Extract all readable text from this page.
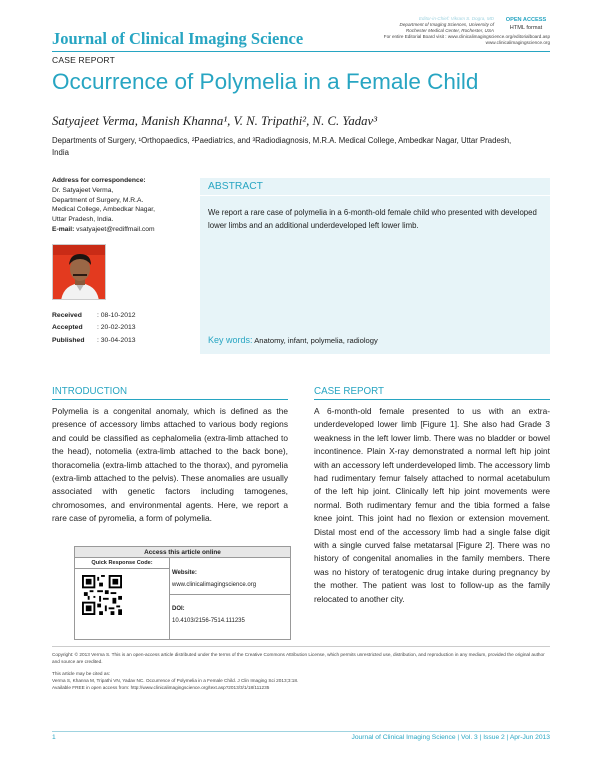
Journal of Clinical Imaging Science
Editor-in-Chief: Vikram S. Dogra, MD
Department of Imaging Sciences, University of
Rochester Medical Center, Rochester, USA
For entire Editorial Board visit : www.clinicalimagingscience.org/editorialboard.asp
www.clinicalimagingscience.org
OPEN ACCESS
HTML format
CASE REPORT
Occurrence of Polymelia in a Female Child
Satyajeet Verma, Manish Khanna¹, V. N. Tripathi², N. C. Yadav³
Departments of Surgery, ¹Orthopaedics, ²Paediatrics, and ³Radiodiagnosis, M.R.A. Medical College, Ambedkar Nagar, Uttar Pradesh, India
Address for correspondence:
Dr. Satyajeet Verma,
Department of Surgery, M.R.A.
Medical College, Ambedkar Nagar,
Uttar Pradesh, India.
E-mail: vsatyajeet@rediffmail.com
Received : 08-10-2012
Accepted : 20-02-2013
Published : 30-04-2013
ABSTRACT
We report a rare case of polymelia in a 6-month-old female child who presented with developed lower limbs and an additional underdeveloped left lower limb.
Key words: Anatomy, infant, polymelia, radiology
INTRODUCTION
Polymelia is a congenital anomaly, which is defined as the presence of accessory limbs attached to various body regions and could be classified as cephalomelia (extra-limb attached to the head), notomelia (extra-limb attached to the back bone), thoracomelia (extra-limb attached to the thorax), and pyromelia (extra-limb attached to the pelvis). These anomalies are usually associated with genetic factors including tamogenes, chromosomes, and environmental agents. Here, we report a rare case of pyromelia, a form of polymelia.
Access this article online
Quick Response Code:
Website:
www.clinicalimagingscience.org
DOI:
10.4103/2156-7514.111235
CASE REPORT
A 6-month-old female presented to us with an extra-underdeveloped lower limb [Figure 1]. She also had Grade 3 weakness in the left lower limb. There was no bladder or bowel incontinence. Plain X-ray demonstrated a normal left hip joint with an accessory left underdeveloped limb. The accessory limb had rudimentary femur falsely attached to normal acetabulum of the left hip joint. Clinically left hip joint movements were normal. Both rudimentary femur and the tibia formed a false knee joint. This joint had no flexion or extension movement. Distal most end of the accessory limb had a single false digit with a single curved false metatarsal [Figure 2]. There was no history of congenital anomalies in the family members. There was no history of teratogenic drug intake during pregnancy by the mother. The patient was lost to follow-up as the family relocated to another city.
Copyright: © 2013 Verma S. This is an open-access article distributed under the terms of the Creative Commons Attribution License, which permits unrestricted use, distribution, and reproduction in any medium, provided the original author and source are credited.
This article may be cited as:
Verma S, Khanna M, Tripathi VN, Yadav NC. Occurrence of Polymelia in a Female Child. J Clin Imaging Sci 2013;3:18.
Available FREE in open access from: http://www.clinicalimagingscience.org/text.asp?2013/3/1/18/111235
1	Journal of Clinical Imaging Science | Vol. 3 | Issue 2 | Apr-Jun 2013
